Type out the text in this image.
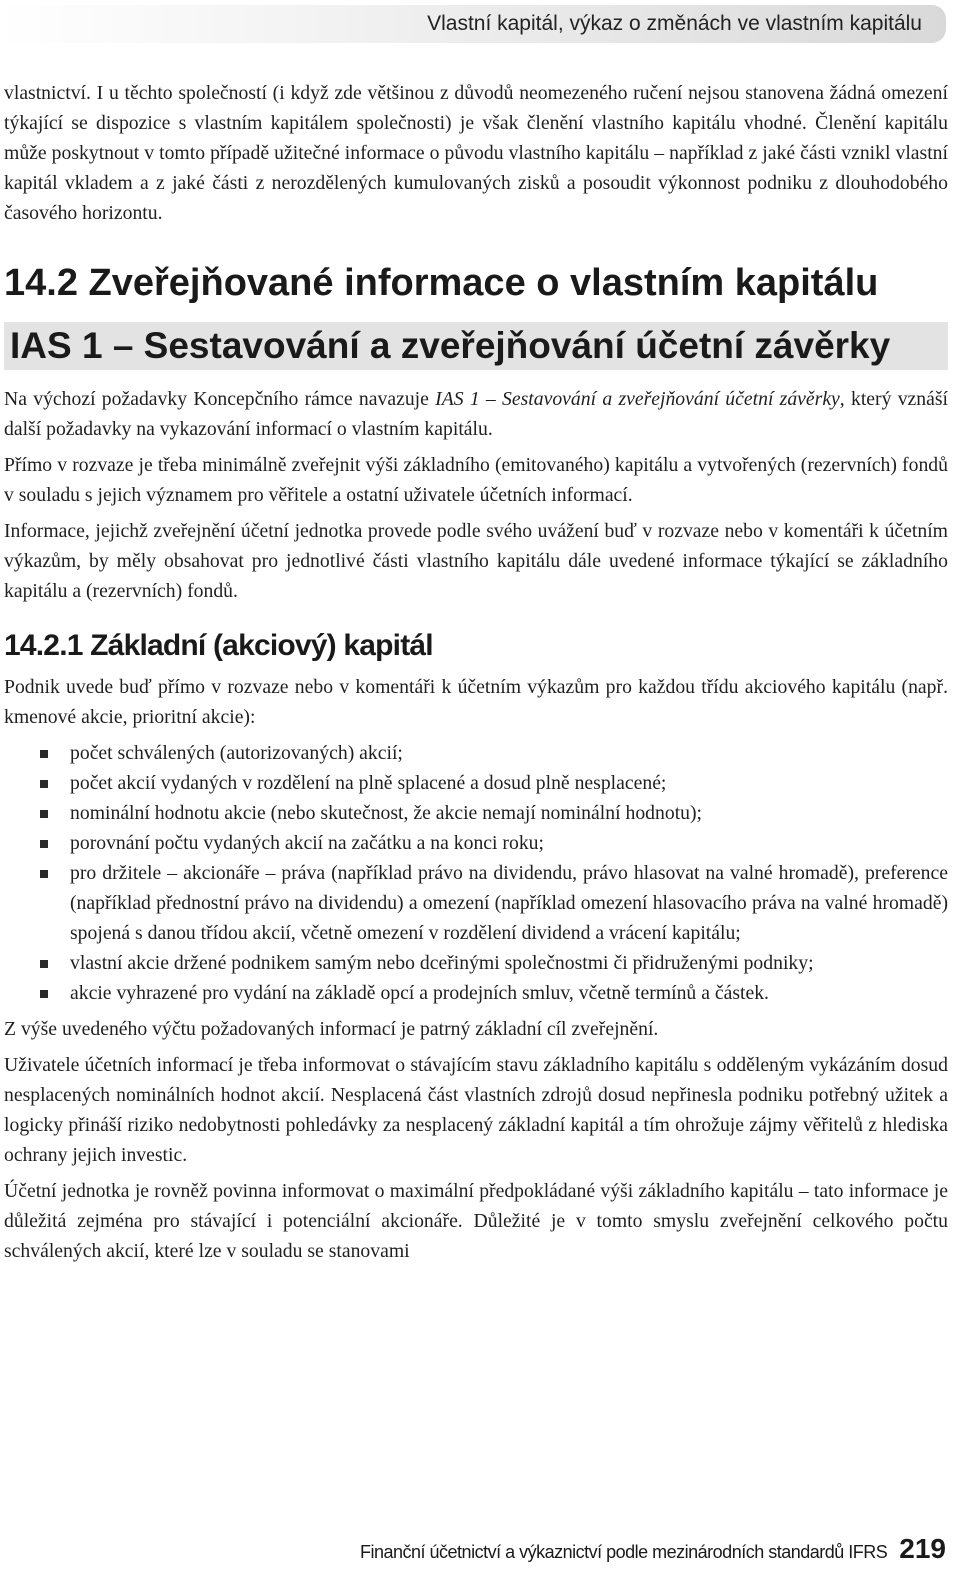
Vlastní kapitál, výkaz o změnách ve vlastním kapitálu

vlastnictví. I u těchto společností (i když zde většinou z důvodů neomezeného ručení nejsou stanovena žádná omezení týkající se dispozice s vlastním kapitálem společnosti) je však členění vlastního kapitálu vhodné. Členění kapitálu může poskytnout v tomto případě užitečné informace o původu vlastního kapitálu – například z jaké části vznikl vlastní kapitál vkladem a z jaké části z nerozdělených kumulovaných zisků a posoudit výkonnost podniku z dlouhodobého časového horizontu.

14.2 Zveřejňované informace o vlastním kapitálu
IAS 1 – Sestavování a zveřejňování účetní závěrky

Na výchozí požadavky Koncepčního rámce navazuje IAS 1 – Sestavování a zveřejňování účetní závěrky, který vznáší další požadavky na vykazování informací o vlastním kapitálu.

Přímo v rozvaze je třeba minimálně zveřejnit výši základního (emitovaného) kapitálu a vytvořených (rezervních) fondů v souladu s jejich významem pro věřitele a ostatní uživatele účetních informací.

Informace, jejichž zveřejnění účetní jednotka provede podle svého uvážení buď v rozvaze nebo v komentáři k účetním výkazům, by měly obsahovat pro jednotlivé části vlastního kapitálu dále uvedené informace týkající se základního kapitálu a (rezervních) fondů.

14.2.1 Základní (akciový) kapitál

Podnik uvede buď přímo v rozvaze nebo v komentáři k účetním výkazům pro každou třídu akciového kapitálu (např. kmenové akcie, prioritní akcie):

počet schválených (autorizovaných) akcií;
počet akcií vydaných v rozdělení na plně splacené a dosud plně nesplacené;
nominální hodnotu akcie (nebo skutečnost, že akcie nemají nominální hodnotu);
porovnání počtu vydaných akcií na začátku a na konci roku;
pro držitele – akcionáře – práva (například právo na dividendu, právo hlasovat na valné hromadě), preference (například přednostní právo na dividendu) a omezení (například omezení hlasovacího práva na valné hromadě) spojená s danou třídou akcií, včetně omezení v rozdělení dividend a vrácení kapitálu;
vlastní akcie držené podnikem samým nebo dceřinými společnostmi či přidruženými podniky;
akcie vyhrazené pro vydání na základě opcí a prodejních smluv, včetně termínů a částek.

Z výše uvedeného výčtu požadovaných informací je patrný základní cíl zveřejnění.

Uživatele účetních informací je třeba informovat o stávajícím stavu základního kapitálu s odděleným vykázáním dosud nesplacených nominálních hodnot akcií. Nesplacená část vlastních zdrojů dosud nepřinesla podniku potřebný užitek a logicky přináší riziko nedobytnosti pohledávky za nesplacený základní kapitál a tím ohrožuje zájmy věřitelů z hlediska ochrany jejich investic.

Účetní jednotka je rovněž povinna informovat o maximální předpokládané výši základního kapitálu – tato informace je důležitá zejména pro stávající i potenciální akcionáře. Důležité je v tomto smyslu zveřejnění celkového počtu schválených akcií, které lze v souladu se stanovami

Finanční účetnictví a výkaznictví podle mezinárodních standardů IFRS 219
